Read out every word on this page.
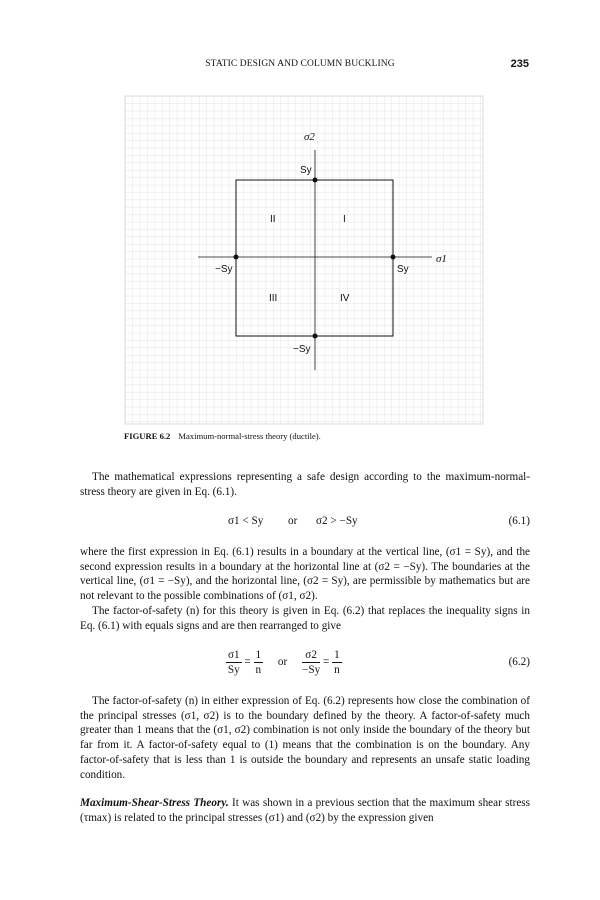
STATIC DESIGN AND COLUMN BUCKLING	235
σ2
σ1
Sy
Sy
−Sy
−Sy
II	I
III	IV
FIGURE 6.2 Maximum-normal-stress theory (ductile).
The mathematical expressions representing a safe design according to the maximum-normal-stress theory are given in Eq. (6.1).
σ1 < Sy or σ2 > −Sy	(6.1)
where the first expression in Eq. (6.1) results in a boundary at the vertical line, (σ1 = Sy), and the second expression results in a boundary at the horizontal line at (σ2 = −Sy). The boundaries at the vertical line, (σ1 = −Sy), and the horizontal line, (σ2 = Sy), are permissible by mathematics but are not relevant to the possible combinations of (σ1, σ2).
The factor-of-safety (n) for this theory is given in Eq. (6.2) that replaces the inequality signs in Eq. (6.1) with equals signs and are then rearranged to give
$\frac{\sigma 1}{Sy} = \frac{1}{n}$ or $\frac{\sigma 2}{-Sy} = \frac{1}{n}$	(6.2)
The factor-of-safety (n) in either expression of Eq. (6.2) represents how close the combination of the principal stresses (σ1, σ2) is to the boundary defined by the theory. A factor-of-safety much greater than 1 means that the (σ1, σ2) combination is not only inside the boundary of the theory but far from it. A factor-of-safety equal to (1) means that the combination is on the boundary. Any factor-of-safety that is less than 1 is outside the boundary and represents an unsafe static loading condition.
Maximum-Shear-Stress Theory. It was shown in a previous section that the maximum shear stress (τmax) is related to the principal stresses (σ1) and (σ2) by the expression given
